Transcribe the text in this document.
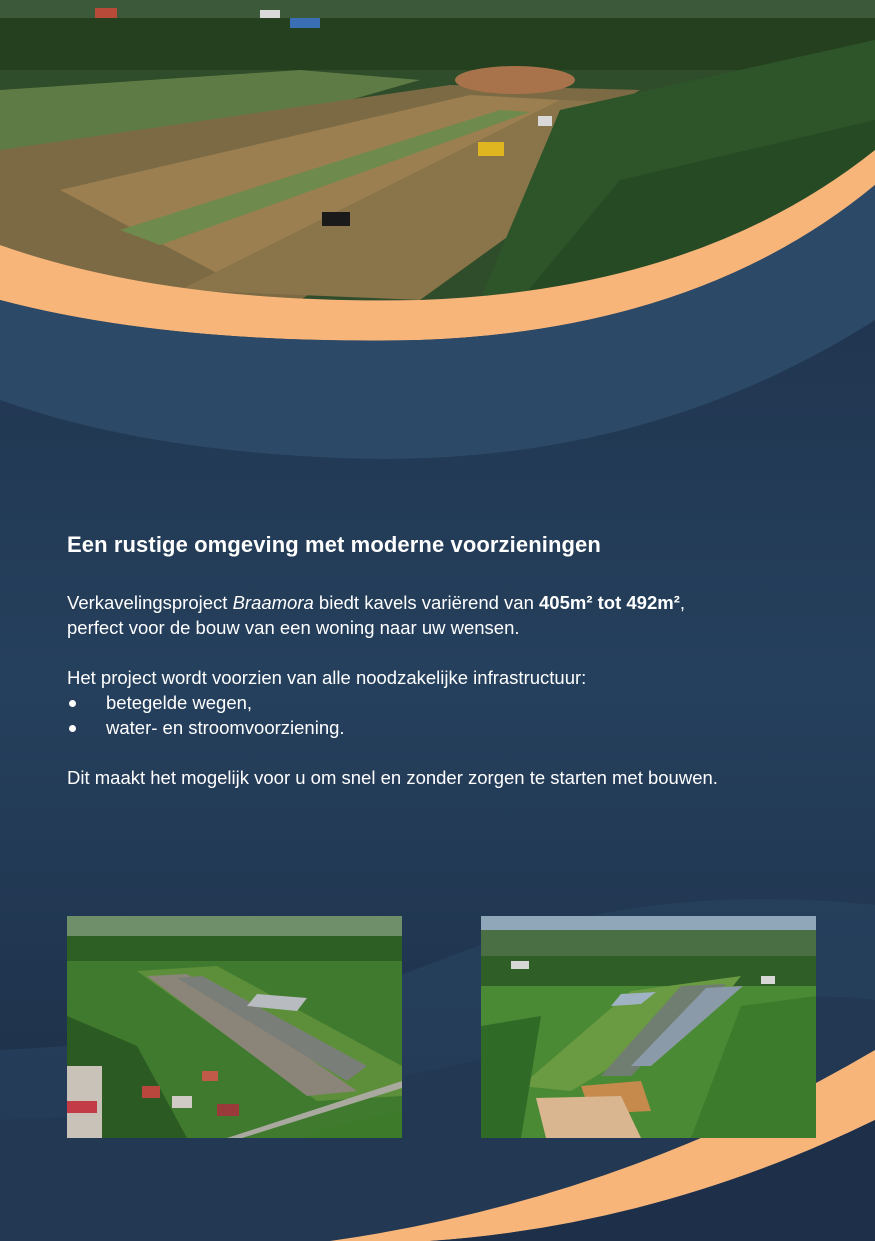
Een rustige omgeving met moderne voorzieningen

Verkavelingsproject Braamora biedt kavels variërend van 405m² tot 492m²,
perfect voor de bouw van een woning naar uw wensen.

Het project wordt voorzien van alle noodzakelijke infrastructuur:

betegelde wegen,
water- en stroomvoorziening.

Dit maakt het mogelijk voor u om snel en zonder zorgen te starten met bouwen.
